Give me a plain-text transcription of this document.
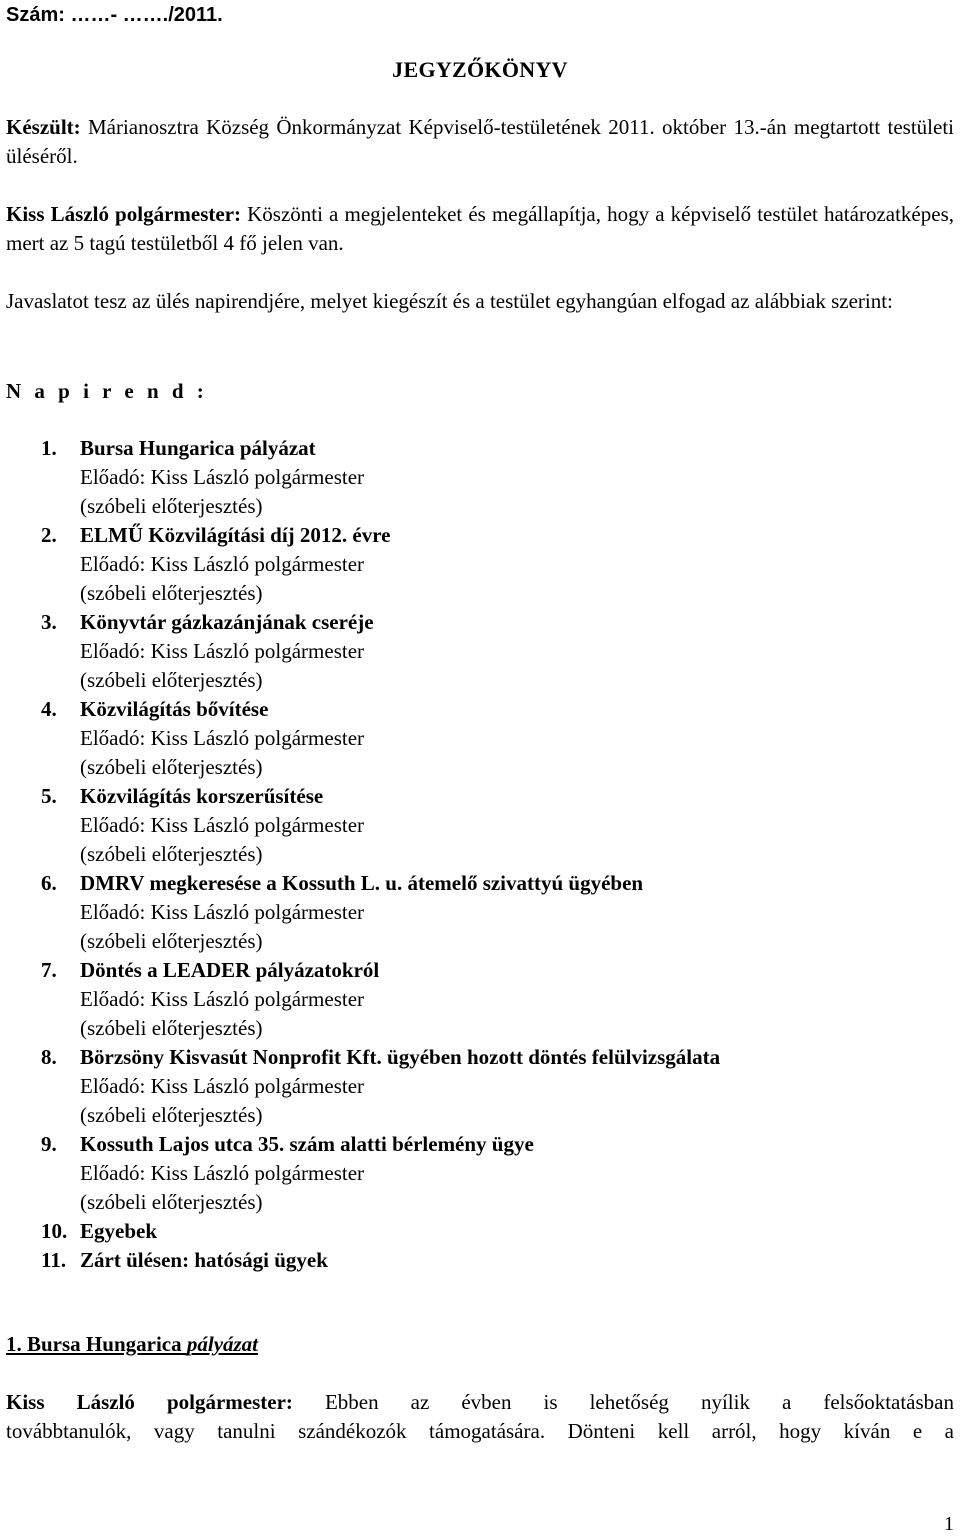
Szám: ……- ……./2011.
JEGYZŐKÖNYV
Készült: Márianosztra Község Önkormányzat Képviselő-testületének 2011. október 13.-án megtartott testületi üléséről.
Kiss László polgármester: Köszönti a megjelenteket és megállapítja, hogy a képviselő testület határozatképes, mert az 5 tagú testületből 4 fő jelen van.
Javaslatot tesz az ülés napirendjére, melyet kiegészít és a testület egyhangúan elfogad az alábbiak szerint:
N a p i r e n d :
1. Bursa Hungarica pályázat
Előadó: Kiss László polgármester
(szóbeli előterjesztés)
2. ELMŰ Közvilágítási díj 2012. évre
Előadó: Kiss László polgármester
(szóbeli előterjesztés)
3. Könyvtár gázkazánjának cseréje
Előadó: Kiss László polgármester
(szóbeli előterjesztés)
4. Közvilágítás bővítése
Előadó: Kiss László polgármester
(szóbeli előterjesztés)
5. Közvilágítás korszerűsítése
Előadó: Kiss László polgármester
(szóbeli előterjesztés)
6. DMRV megkeresése a Kossuth L. u. átemelő szivattyú ügyében
Előadó: Kiss László polgármester
(szóbeli előterjesztés)
7. Döntés a LEADER pályázatokról
Előadó: Kiss László polgármester
(szóbeli előterjesztés)
8. Börzsöny Kisvasút Nonprofit Kft. ügyében hozott döntés felülvizsgálata
Előadó: Kiss László polgármester
(szóbeli előterjesztés)
9. Kossuth Lajos utca 35. szám alatti bérlemény ügye
Előadó: Kiss László polgármester
(szóbeli előterjesztés)
10. Egyebek
11. Zárt ülésen: hatósági ügyek
1. Bursa Hungarica pályázat
Kiss László polgármester: Ebben az évben is lehetőség nyílik a felsőoktatásban
továbbtanulók, vagy tanulni szándékozók támogatására. Dönteni kell arról, hogy kíván e a
1
